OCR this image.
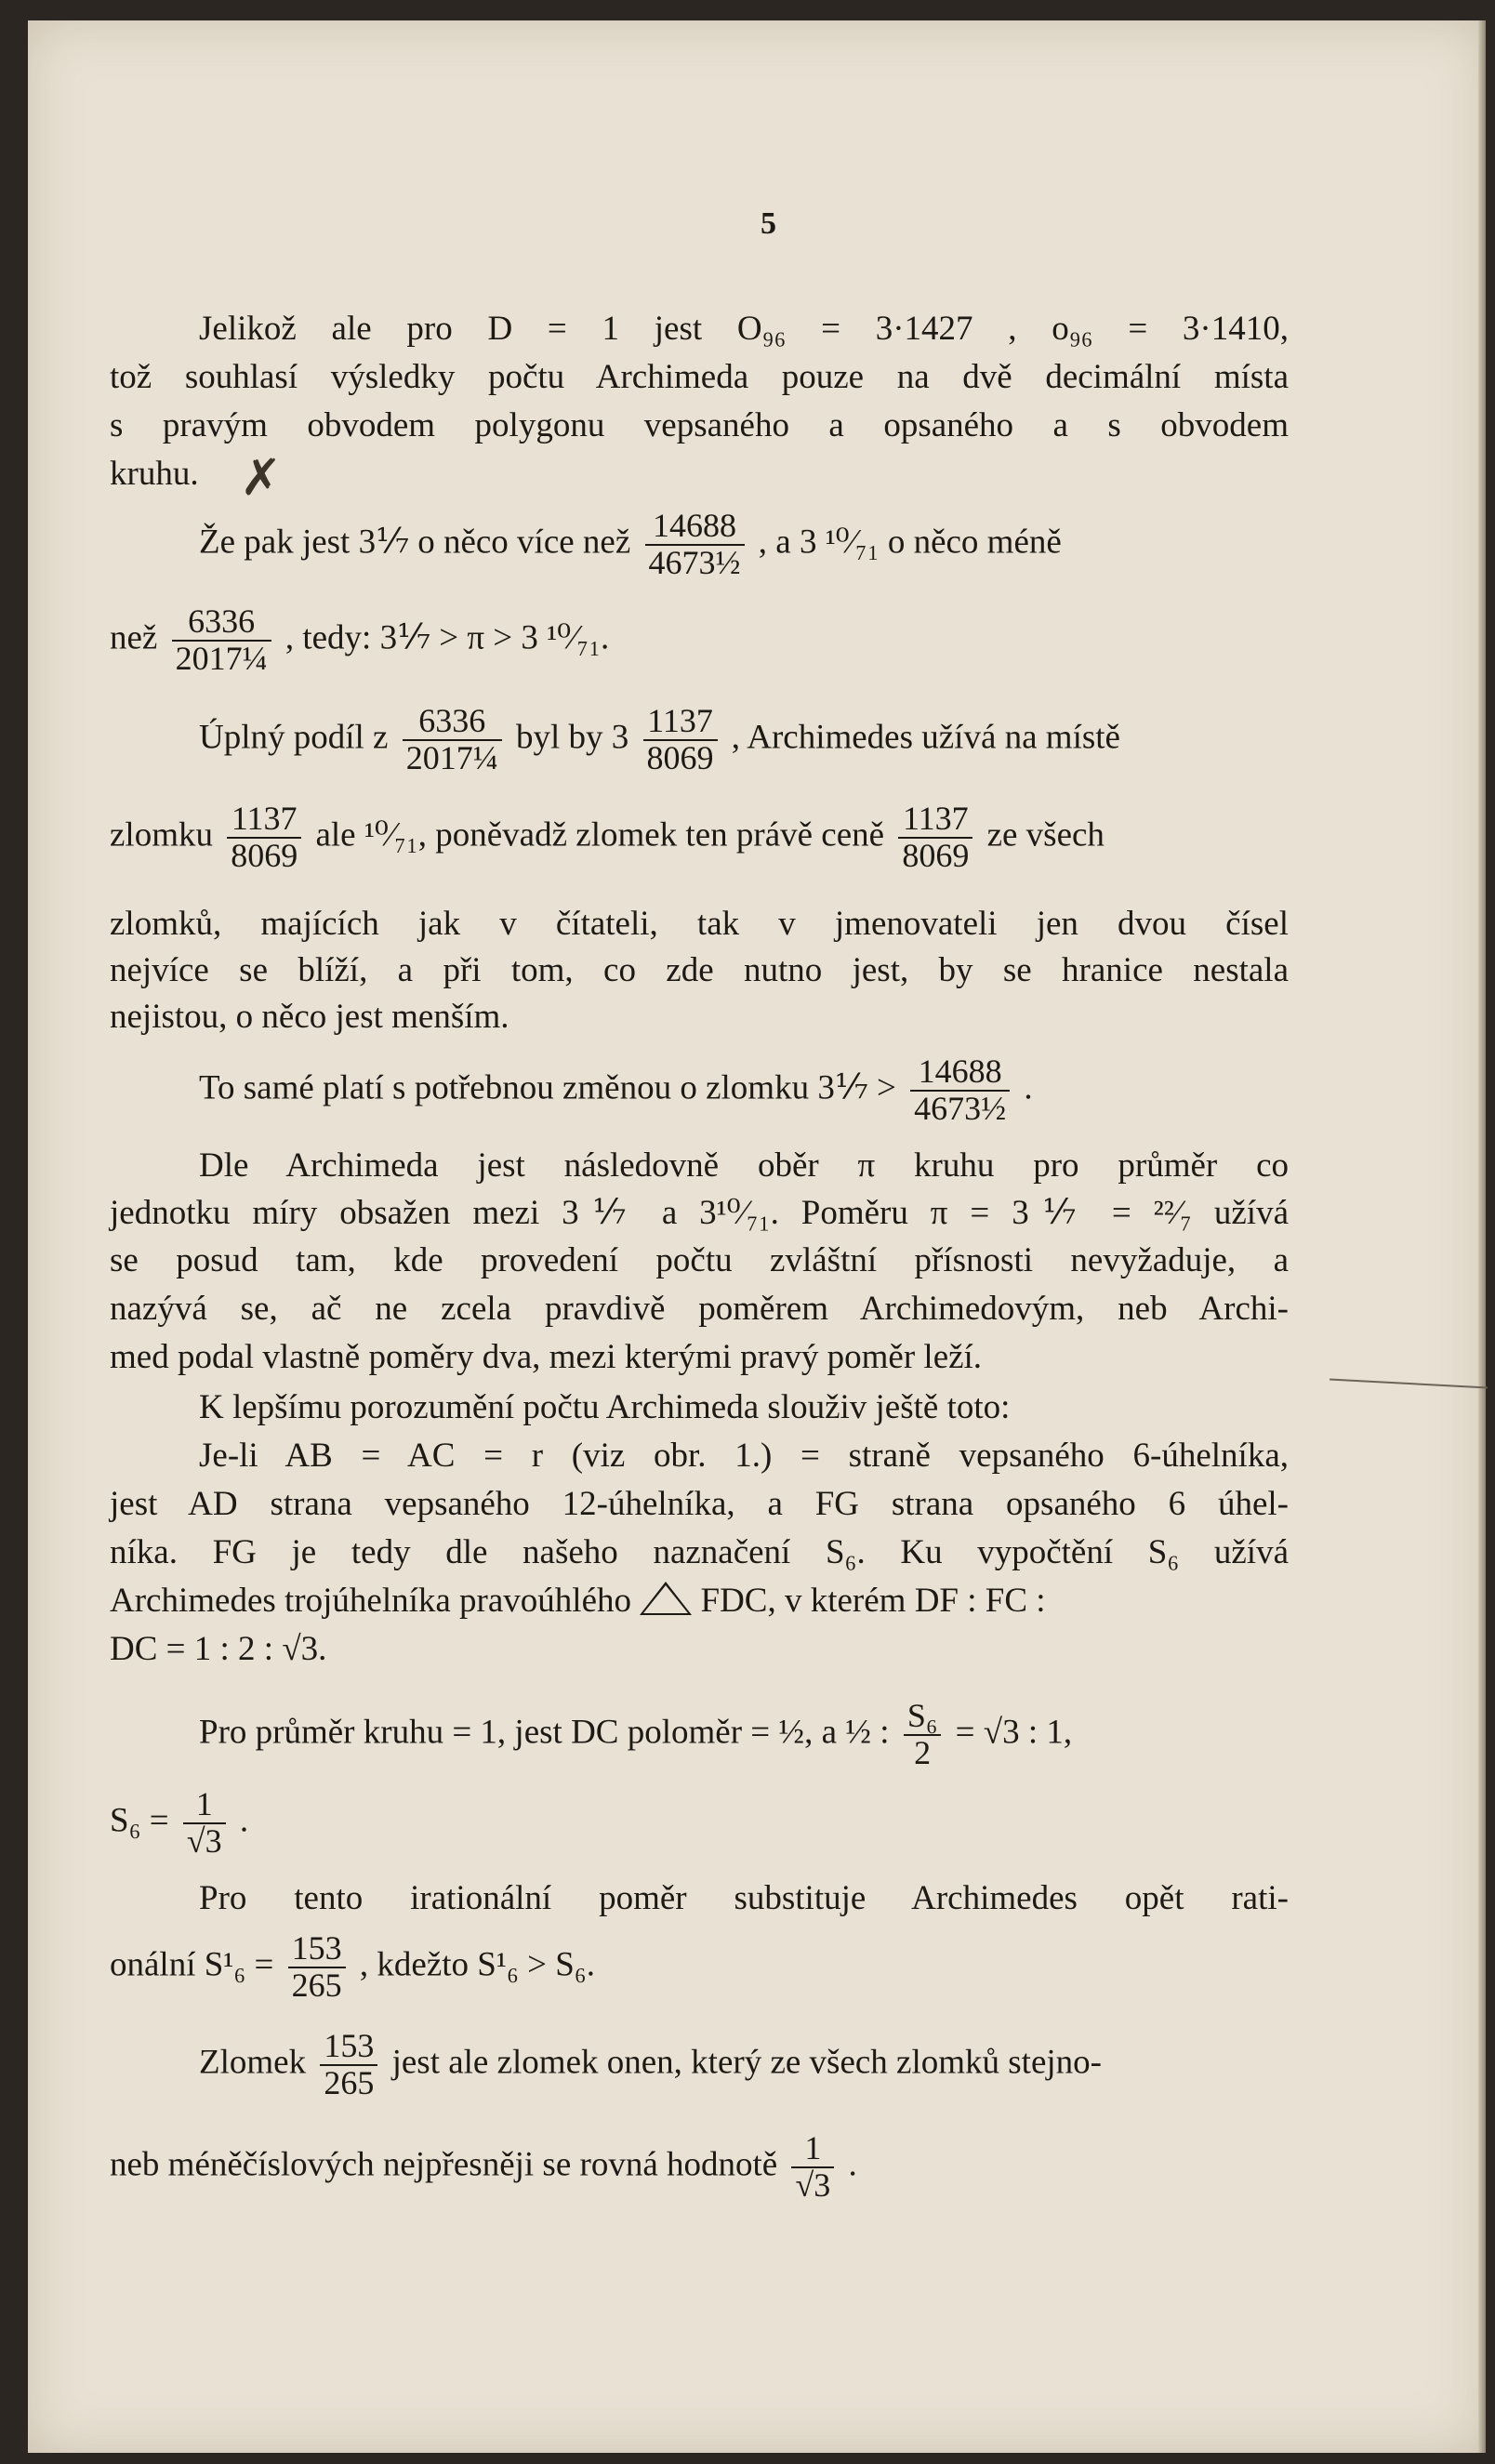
5
Jelikož ale pro D = 1 jest O₉₆ = 3·1427 , o₉₆ = 3·1410,
tož souhlasí výsledky počtu Archimeda pouze na dvě decimální místa
s pravým obvodem polygonu vepsaného a opsaného a s obvodem
kruhu. ✗
Že pak jest 3⅐ o něco více než $\frac{14688}{\text{4673½}}$ , a 3 ¹⁰⁄₇₁ o něco méně
než $\frac{6336}{\text{2017¼}}$ , tedy: 3⅐ > π > 3 ¹⁰⁄₇₁.
Úplný podíl z $\frac{6336}{\text{2017¼}}$ byl by $3 \frac{1137}{8069}$ , Archimedes užívá na místě
zlomku $\frac{1137}{8069}$ ale ¹⁰⁄₇₁, poněvadž zlomek ten právě ceně $\frac{1137}{8069}$ ze všech
zlomků, majících jak v čítateli, tak v jmenovateli jen dvou čísel
nejvíce se blíží, a při tom, co zde nutno jest, by se hranice nestala
nejistou, o něco jest menším.
To samé platí s potřebnou změnou o zlomku 3⅐ > $\frac{14688}{\text{4673½}}$ .
Dle Archimeda jest následovně oběr π kruhu pro průměr co
jednotku míry obsažen mezi 3⅐ a 3¹⁰⁄₇₁. Poměru π = 3⅐ = ²²⁄₇ užívá
se posud tam, kde provedení počtu zvláštní přísnosti nevyžaduje, a
nazývá se, ač ne zcela pravdivě poměrem Archimedovým, neb Archi-
med podal vlastně poměry dva, mezi kterými pravý poměr leží.
K lepšímu porozumění počtu Archimeda slouživ ještě toto:
Je-li AB = AC = r (viz obr. 1.) = straně vepsaného 6-úhelníka,
jest AD strana vepsaného 12-úhelníka, a FG strana opsaného 6 úhel-
níka. FG je tedy dle našeho naznačení S₆. Ku vypočtění S₆ užívá
Archimedes trojúhelníka pravoúhlého FDC, v kterém DF : FC :
DC = 1 : 2 : √3.
Pro průměr kruhu = 1, jest DC poloměr = ½, a ½ : $\frac{\text{S₆}}{2} = √3$ : 1,
$S_6 = \frac{1}{√3}$ .
Pro tento irationální poměr substituje Archimedes opět rati-
onální $S^1_6 = \frac{153}{265}$ , kdežto S¹₆ > S₆.
Zlomek $\frac{153}{265}$ jest ale zlomek onen, který ze všech zlomků stejno-
neb méněčíslových nejpřesněji se rovná hodnotě $\frac{1}{√3}$ .
